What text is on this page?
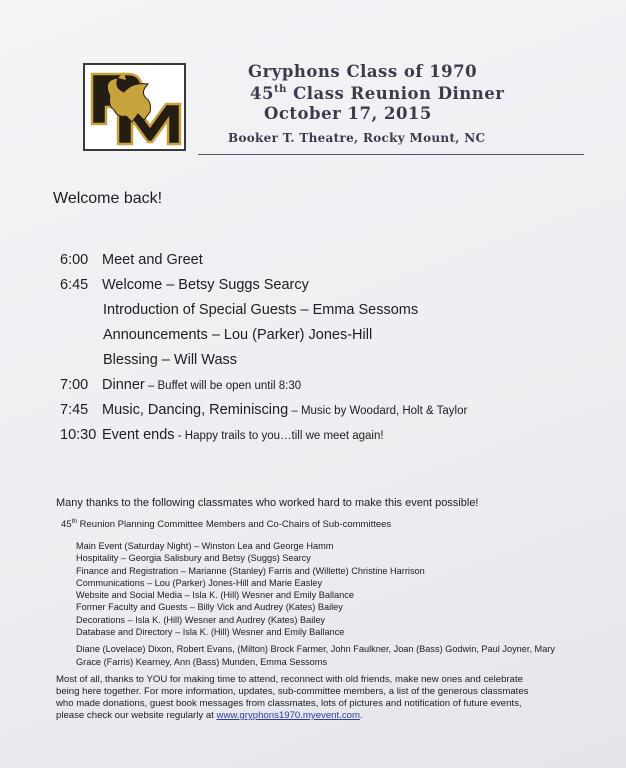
Gryphons Class of 1970
45th Class Reunion Dinner
October 17, 2015
Booker T. Theatre, Rocky Mount, NC
Welcome back!
6:00 Meet and Greet
6:45 Welcome – Betsy Suggs Searcy
Introduction of Special Guests – Emma Sessoms
Announcements – Lou (Parker) Jones-Hill
Blessing – Will Wass
7:00 Dinner – Buffet will be open until 8:30
7:45 Music, Dancing, Reminiscing – Music by Woodard, Holt & Taylor
10:30 Event ends - Happy trails to you…till we meet again!
Many thanks to the following classmates who worked hard to make this event possible!
45th Reunion Planning Committee Members and Co-Chairs of Sub-committees
Main Event (Saturday Night) – Winston Lea and George Hamm
Hospitality – Georgia Salisbury and Betsy (Suggs) Searcy
Finance and Registration – Marianne (Stanley) Farris and (Willette) Christine Harrison
Communications – Lou (Parker) Jones-Hill and Marie Easley
Website and Social Media – Isla K. (Hill) Wesner and Emily Ballance
Former Faculty and Guests – Billy Vick and Audrey (Kates) Bailey
Decorations – Isla K. (Hill) Wesner and Audrey (Kates) Bailey
Database and Directory – Isla K. (Hill) Wesner and Emily Ballance
Diane (Lovelace) Dixon, Robert Evans, (Milton) Brock Farmer, John Faulkner, Joan (Bass) Godwin, Paul Joyner, Mary Grace (Farris) Kearney, Ann (Bass) Munden, Emma Sessoms
Most of all, thanks to YOU for making time to attend, reconnect with old friends, make new ones and celebrate being here together. For more information, updates, sub-committee members, a list of the generous classmates who made donations, guest book messages from classmates, lots of pictures and notification of future events, please check our website regularly at www.gryphons1970.myevent.com.
